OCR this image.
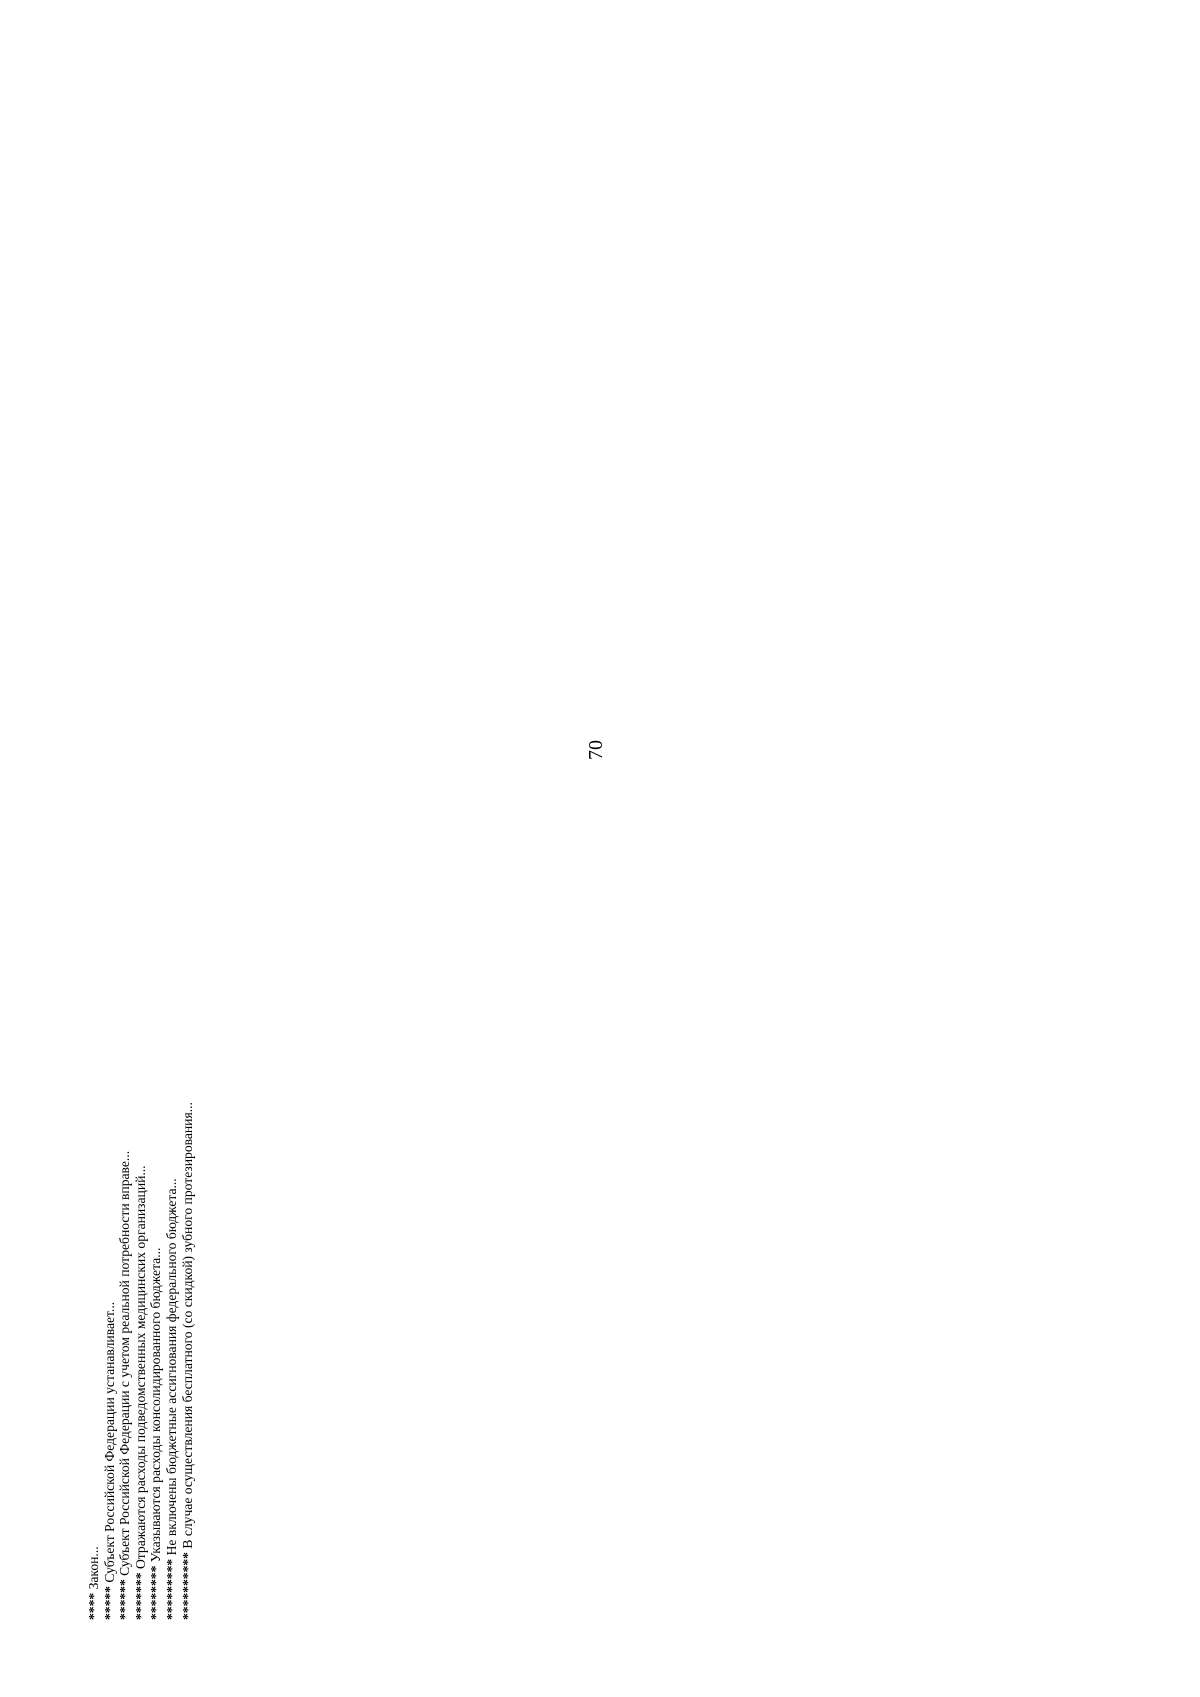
70

**** Закон...

***** Субъект Российской Федерации устанавливает...

****** Субъект Российской Федерации с учетом реальной потребности вправе...

******* Отражаются расходы подведомственных медицинских организаций...

******** Указываются расходы консолидированного бюджета...

********* Не включены бюджетные ассигнования федерального бюджета...

********** В случае осуществления бесплатного (со скидкой) зубного протезирования...
